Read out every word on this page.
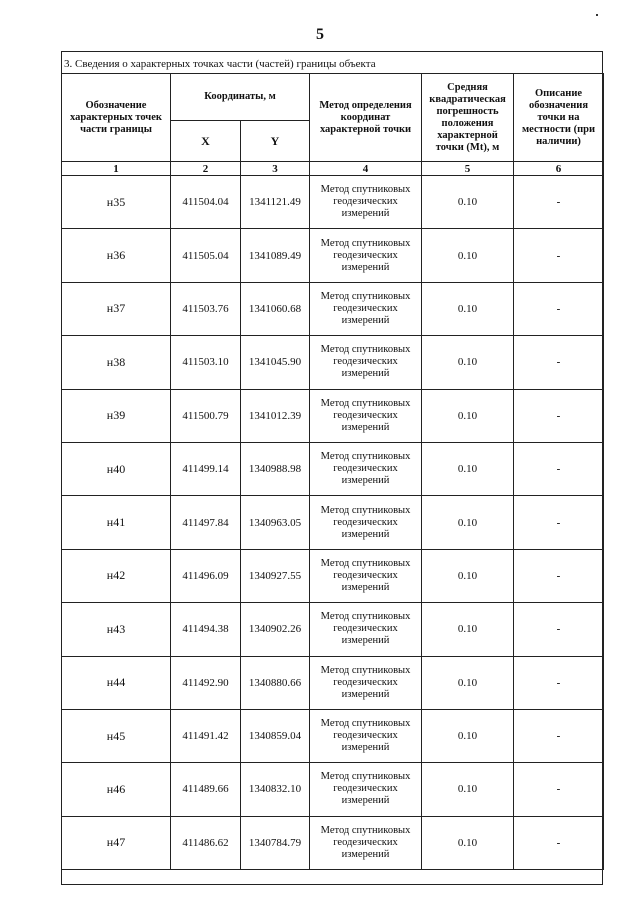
5
3. Сведения о характерных точках части (частей) границы объекта
Обозначение характерных точек части границы	Координаты, м		Метод определения координат характерной точки	Средняя квадратическая погрешность положения характерной точки (Mt), м	Описание обозначения точки на местности (при наличии)
	X	Y			
1	2	3	4	5	6
н35	411504.04	1341121.49	Метод спутниковых геодезических измерений	0.10	-
н36	411505.04	1341089.49	Метод спутниковых геодезических измерений	0.10	-
н37	411503.76	1341060.68	Метод спутниковых геодезических измерений	0.10	-
н38	411503.10	1341045.90	Метод спутниковых геодезических измерений	0.10	-
н39	411500.79	1341012.39	Метод спутниковых геодезических измерений	0.10	-
н40	411499.14	1340988.98	Метод спутниковых геодезических измерений	0.10	-
н41	411497.84	1340963.05	Метод спутниковых геодезических измерений	0.10	-
н42	411496.09	1340927.55	Метод спутниковых геодезических измерений	0.10	-
н43	411494.38	1340902.26	Метод спутниковых геодезических измерений	0.10	-
н44	411492.90	1340880.66	Метод спутниковых геодезических измерений	0.10	-
н45	411491.42	1340859.04	Метод спутниковых геодезических измерений	0.10	-
н46	411489.66	1340832.10	Метод спутниковых геодезических измерений	0.10	-
н47	411486.62	1340784.79	Метод спутниковых геодезических измерений	0.10	-
